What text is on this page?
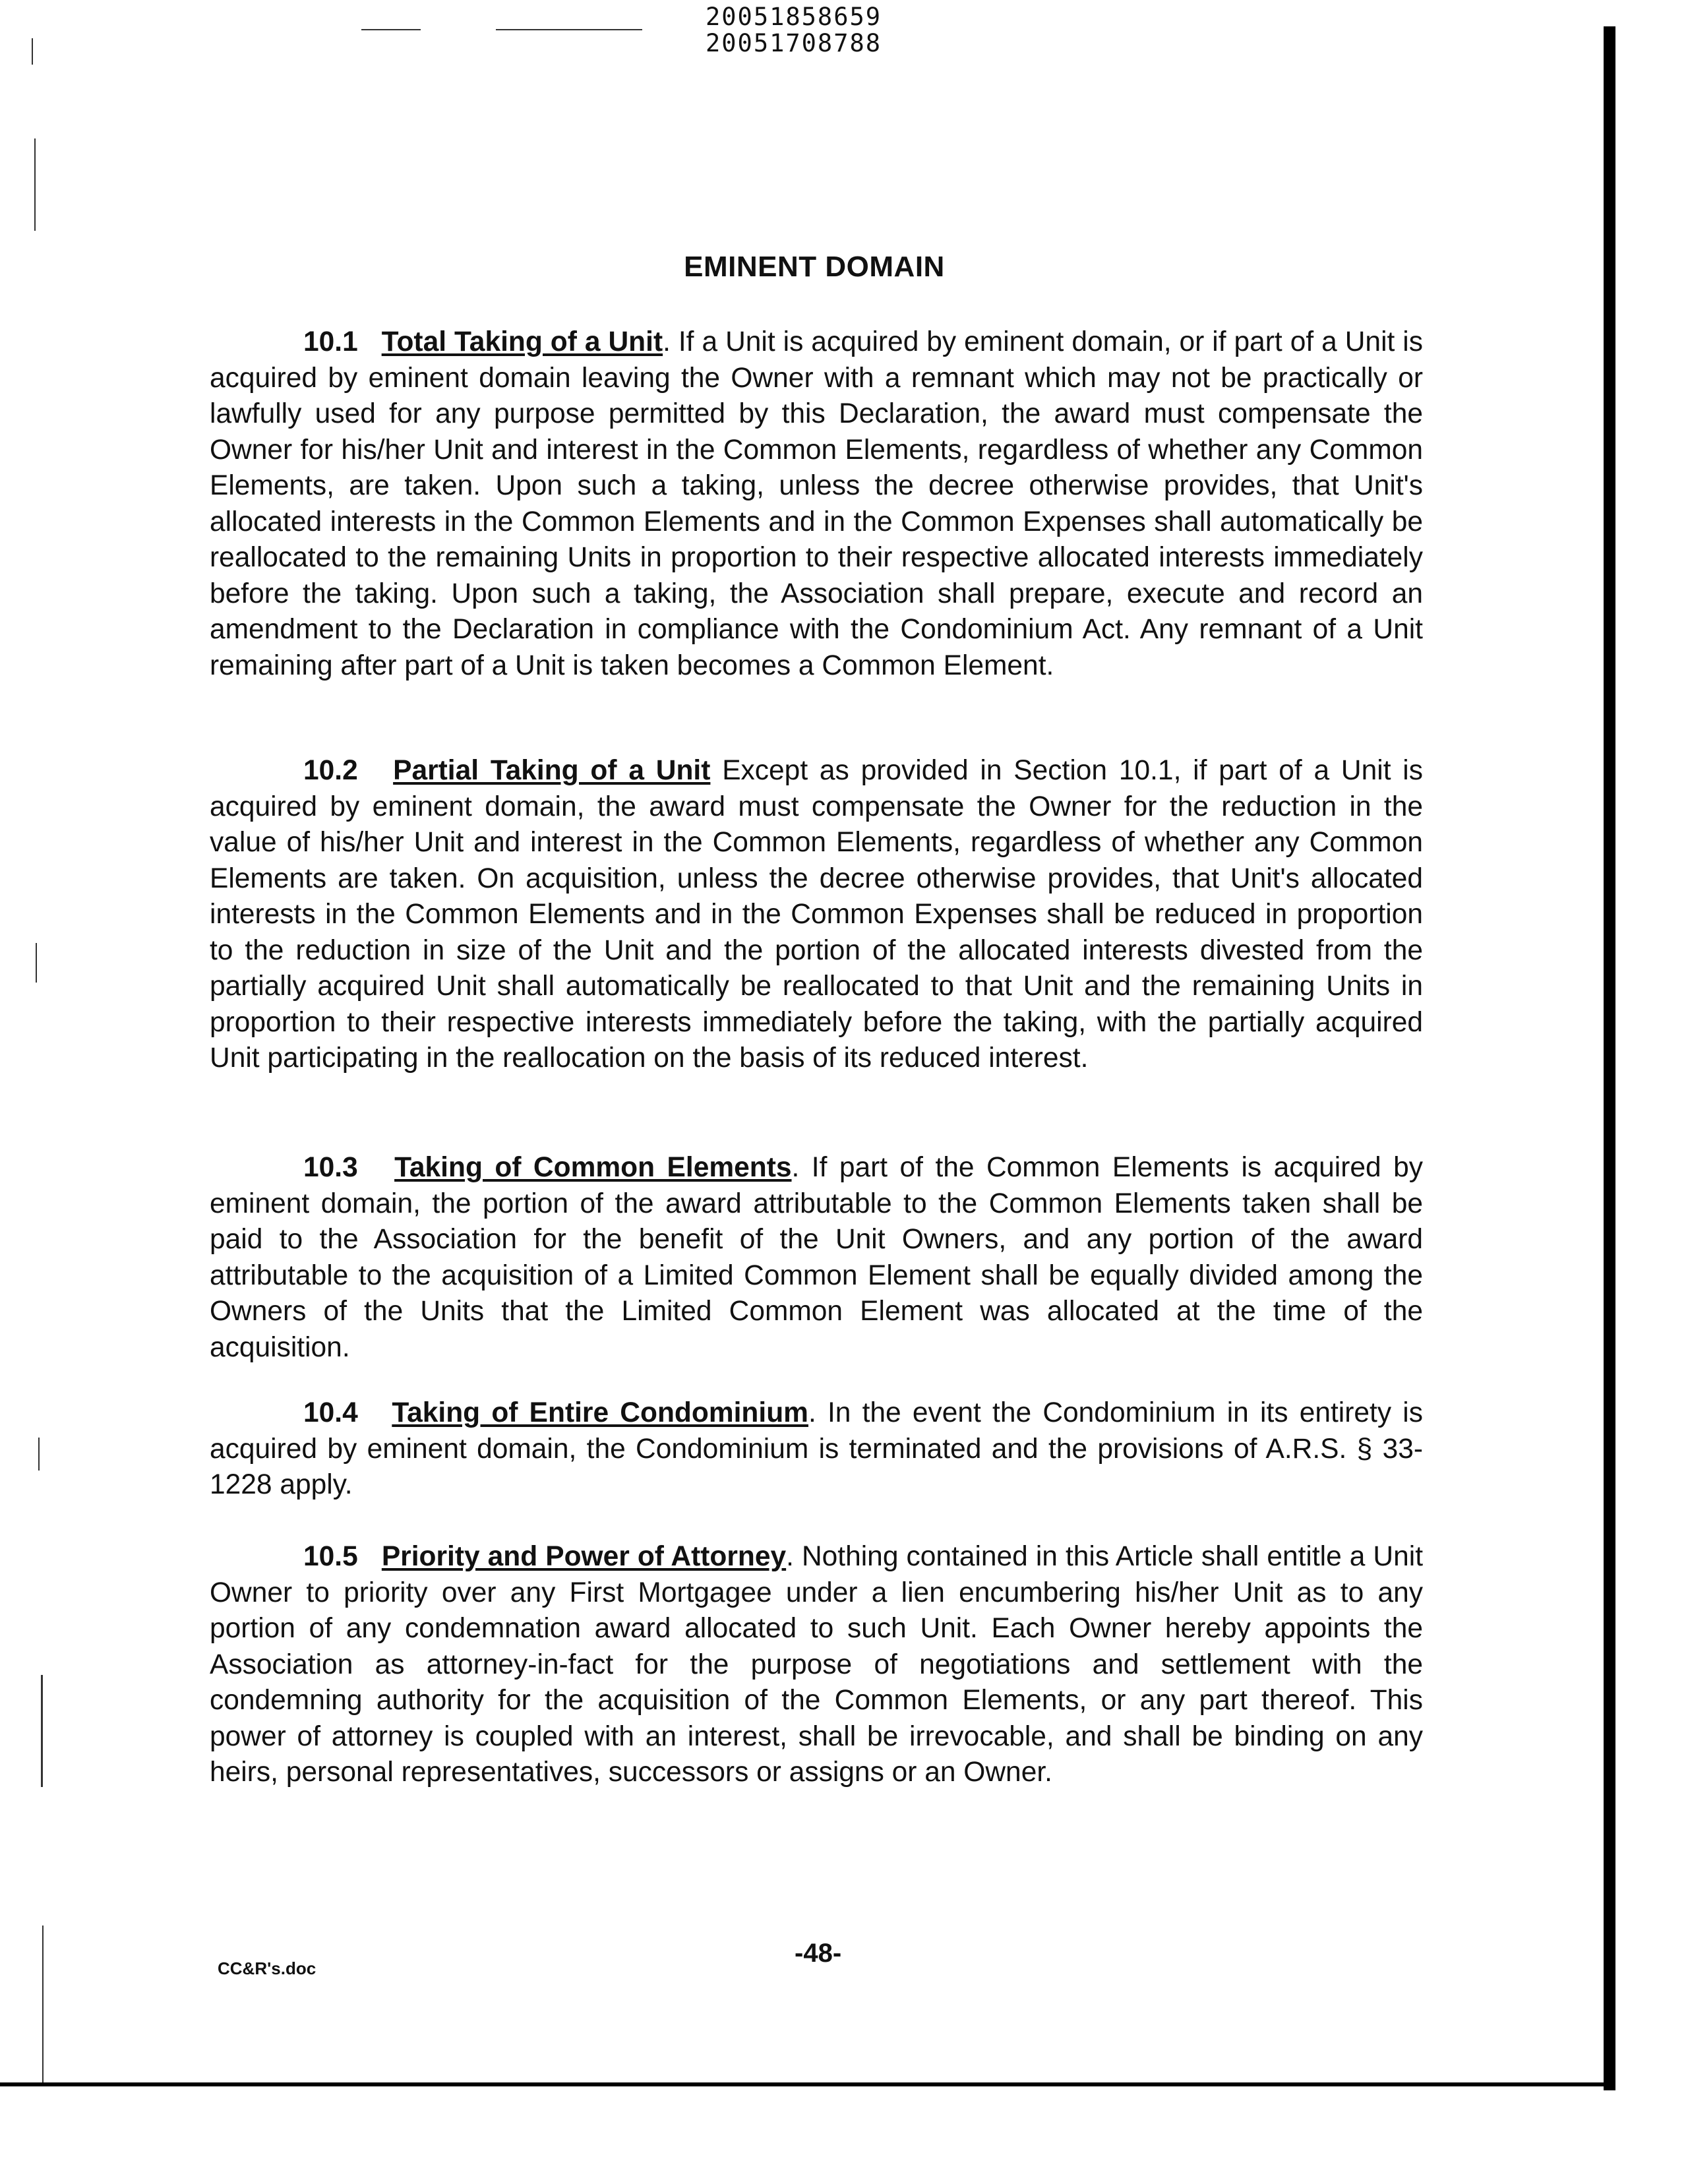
20051858659
20051708788
EMINENT DOMAIN

10.1 Total Taking of a Unit. If a Unit is acquired by eminent domain, or if part of a Unit is acquired by eminent domain leaving the Owner with a remnant which may not be practically or lawfully used for any purpose permitted by this Declaration, the award must compensate the Owner for his/her Unit and interest in the Common Elements, regardless of whether any Common Elements, are taken. Upon such a taking, unless the decree otherwise provides, that Unit's allocated interests in the Common Elements and in the Common Expenses shall automatically be reallocated to the remaining Units in proportion to their respective allocated interests immediately before the taking. Upon such a taking, the Association shall prepare, execute and record an amendment to the Declaration in compliance with the Condominium Act. Any remnant of a Unit remaining after part of a Unit is taken becomes a Common Element.

10.2 Partial Taking of a Unit Except as provided in Section 10.1, if part of a Unit is acquired by eminent domain, the award must compensate the Owner for the reduction in the value of his/her Unit and interest in the Common Elements, regardless of whether any Common Elements are taken. On acquisition, unless the decree otherwise provides, that Unit's allocated interests in the Common Elements and in the Common Expenses shall be reduced in proportion to the reduction in size of the Unit and the portion of the allocated interests divested from the partially acquired Unit shall automatically be reallocated to that Unit and the remaining Units in proportion to their respective interests immediately before the taking, with the partially acquired Unit participating in the reallocation on the basis of its reduced interest.

10.3 Taking of Common Elements. If part of the Common Elements is acquired by eminent domain, the portion of the award attributable to the Common Elements taken shall be paid to the Association for the benefit of the Unit Owners, and any portion of the award attributable to the acquisition of a Limited Common Element shall be equally divided among the Owners of the Units that the Limited Common Element was allocated at the time of the acquisition.

10.4 Taking of Entire Condominium. In the event the Condominium in its entirety is acquired by eminent domain, the Condominium is terminated and the provisions of A.R.S. § 33-1228 apply.

10.5 Priority and Power of Attorney. Nothing contained in this Article shall entitle a Unit Owner to priority over any First Mortgagee under a lien encumbering his/her Unit as to any portion of any condemnation award allocated to such Unit. Each Owner hereby appoints the Association as attorney-in-fact for the purpose of negotiations and settlement with the condemning authority for the acquisition of the Common Elements, or any part thereof. This power of attorney is coupled with an interest, shall be irrevocable, and shall be binding on any heirs, personal representatives, successors or assigns or an Owner.

-48-
CC&R's.doc
